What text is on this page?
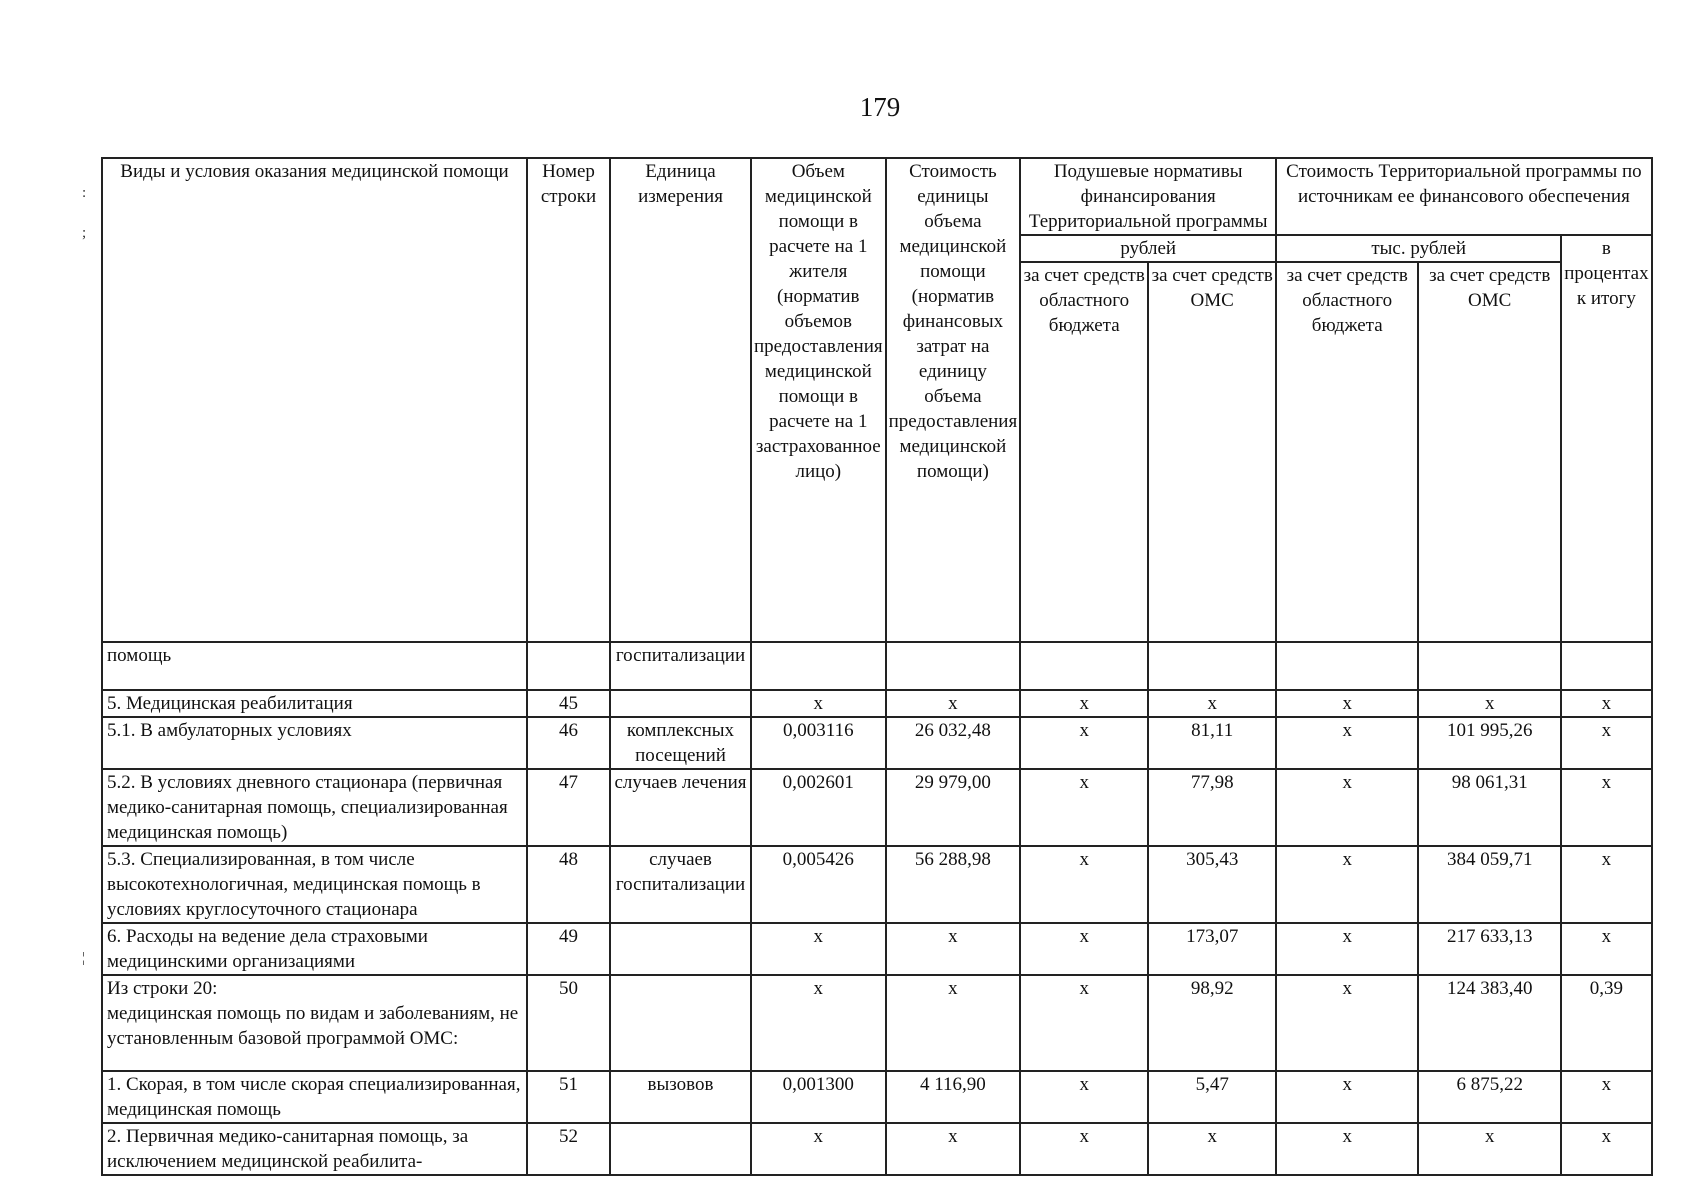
179
:
;
¦
Виды и условия оказания медицинской помощи	Номер строки	Единица измерения	Объем медицинской помощи в расчете на 1 жителя (норматив объемов предоставления медицинской помощи в расчете на 1 застрахованное лицо)	Стоимость единицы объема медицинской помощи (норматив финансовых затрат на единицу объема предоставления медицинской помощи)	Подушевые нормативы финансирования Территориальной программы		Стоимость Территориальной программы по источникам ее финансового обеспечения		
					рублей		тыс. рублей		в процентах к итогу
					за счет средств областного бюджета	за счет средств ОМС	за счет средств областного бюджета	за счет средств ОМС	
помощь		госпитализации							
5. Медицинская реабилитация	45		х	х	х	х	х	х	х
5.1. В амбулаторных условиях	46	комплексных посещений	0,003116	26 032,48	х	81,11	х	101 995,26	х
5.2. В условиях дневного стационара (первичная медико-санитарная помощь, специализированная медицинская помощь)	47	случаев лечения	0,002601	29 979,00	х	77,98	х	98 061,31	х
5.3. Специализированная, в том числе высокотехнологичная, медицинская помощь в условиях круглосуточного стационара	48	случаев госпитализации	0,005426	56 288,98	х	305,43	х	384 059,71	х
6. Расходы на ведение дела страховыми медицинскими организациями	49		х	х	х	173,07	х	217 633,13	х
Из строки 20:
медицинская помощь по видам и заболеваниям, не установленным базовой программой ОМС:	50		х	х	х	98,92	х	124 383,40	0,39
1. Скорая, в том числе скорая специализированная, медицинская помощь	51	вызовов	0,001300	4 116,90	х	5,47	х	6 875,22	х
2. Первичная медико-санитарная помощь, за исключением медицинской реабилита-	52		х	х	х	х	х	х	х
